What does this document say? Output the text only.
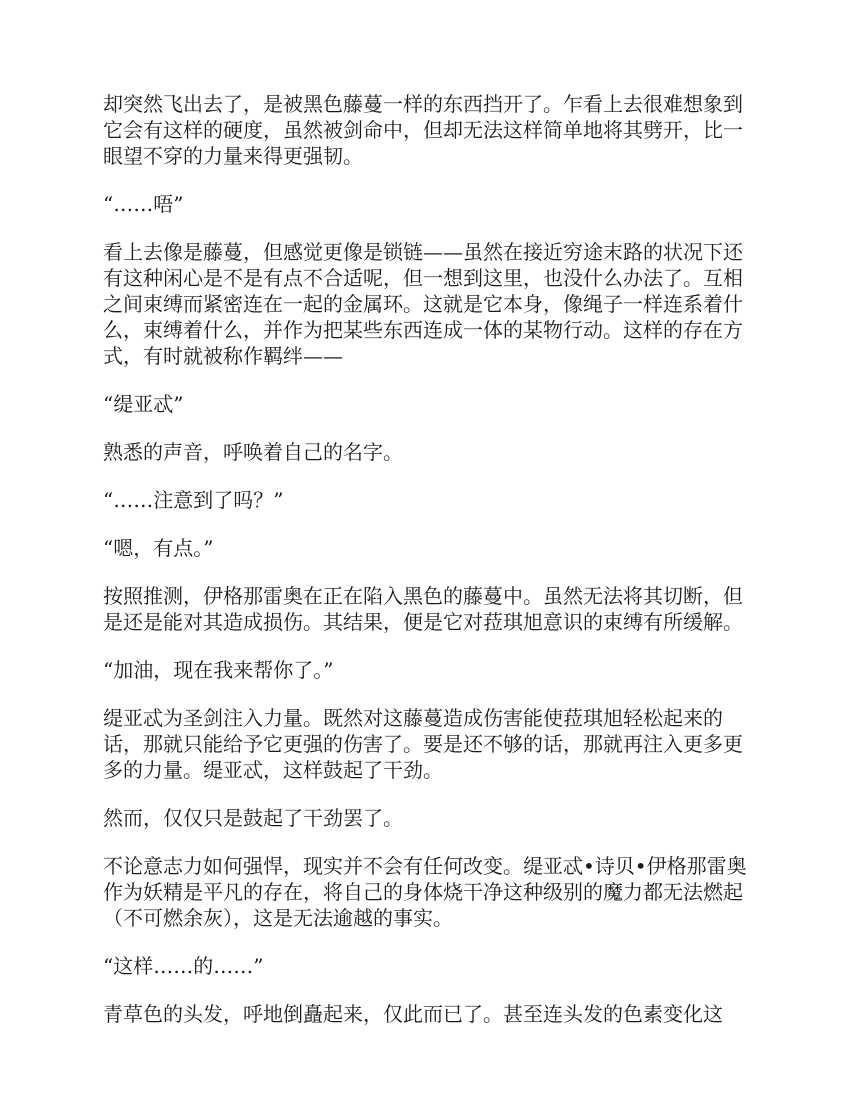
却突然飞出去了，是被黑色藤蔓一样的东西挡开了。乍看上去很难想象到它会有这样的硬度，虽然被剑命中，但却无法这样简单地将其劈开，比一眼望不穿的力量来得更强韧。

“……唔”

看上去像是藤蔓，但感觉更像是锁链——虽然在接近穷途末路的状况下还有这种闲心是不是有点不合适呢，但一想到这里，也没什么办法了。互相之间束缚而紧密连在一起的金属环。这就是它本身，像绳子一样连系着什么，束缚着什么，并作为把某些东西连成一体的某物行动。这样的存在方式，有时就被称作羁绊——

“缇亚忒”

熟悉的声音，呼唤着自己的名字。

“……注意到了吗？”

“嗯，有点。”

按照推测，伊格那雷奥在正在陷入黑色的藤蔓中。虽然无法将其切断，但是还是能对其造成损伤。其结果，便是它对菈琪旭意识的束缚有所缓解。

“加油，现在我来帮你了。”

缇亚忒为圣剑注入力量。既然对这藤蔓造成伤害能使菈琪旭轻松起来的话，那就只能给予它更强的伤害了。要是还不够的话，那就再注入更多更多的力量。缇亚忒，这样鼓起了干劲。

然而，仅仅只是鼓起了干劲罢了。

不论意志力如何强悍，现实并不会有任何改变。缇亚忒•诗贝•伊格那雷奥作为妖精是平凡的存在，将自己的身体烧干净这种级别的魔力都无法燃起（不可燃余灰），这是无法逾越的事实。

“这样……的……”

青草色的头发，呼地倒矗起来，仅此而已了。甚至连头发的色素变化这
